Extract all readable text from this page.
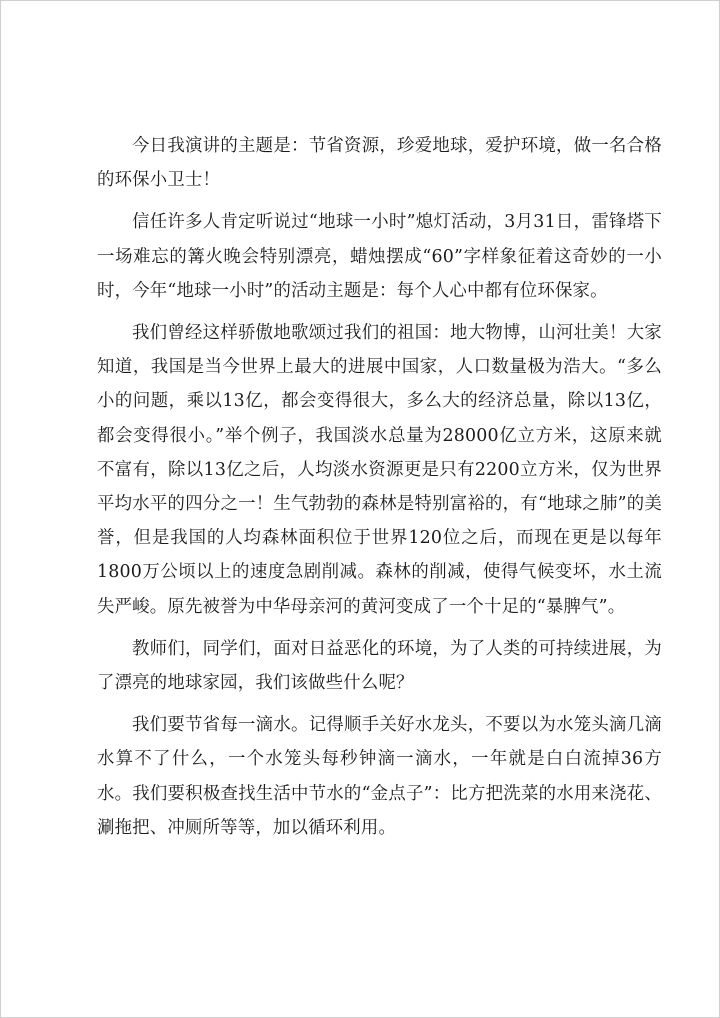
今日我演讲的主题是：节省资源，珍爱地球，爱护环境，做一名合格的环保小卫士！

信任许多人肯定听说过“地球一小时”熄灯活动，3月31日，雷锋塔下一场难忘的篝火晚会特别漂亮，蜡烛摆成“60”字样象征着这奇妙的一小时，今年“地球一小时”的活动主题是：每个人心中都有位环保家。

我们曾经这样骄傲地歌颂过我们的祖国：地大物博，山河壮美！大家知道，我国是当今世界上最大的进展中国家，人口数量极为浩大。“多么小的问题，乘以13亿，都会变得很大，多么大的经济总量，除以13亿，都会变得很小。”举个例子，我国淡水总量为28000亿立方米，这原来就不富有，除以13亿之后，人均淡水资源更是只有2200立方米，仅为世界平均水平的四分之一！生气勃勃的森林是特别富裕的，有“地球之肺”的美誉，但是我国的人均森林面积位于世界120位之后，而现在更是以每年1800万公顷以上的速度急剧削减。森林的削减，使得气候变坏，水土流失严峻。原先被誉为中华母亲河的黄河变成了一个十足的“暴脾气”。

教师们，同学们，面对日益恶化的环境，为了人类的可持续进展，为了漂亮的地球家园，我们该做些什么呢？

我们要节省每一滴水。记得顺手关好水龙头，不要以为水笼头滴几滴水算不了什么，一个水笼头每秒钟滴一滴水，一年就是白白流掉36方水。我们要积极查找生活中节水的“金点子”：比方把洗菜的水用来浇花、涮拖把、冲厕所等等，加以循环利用。
